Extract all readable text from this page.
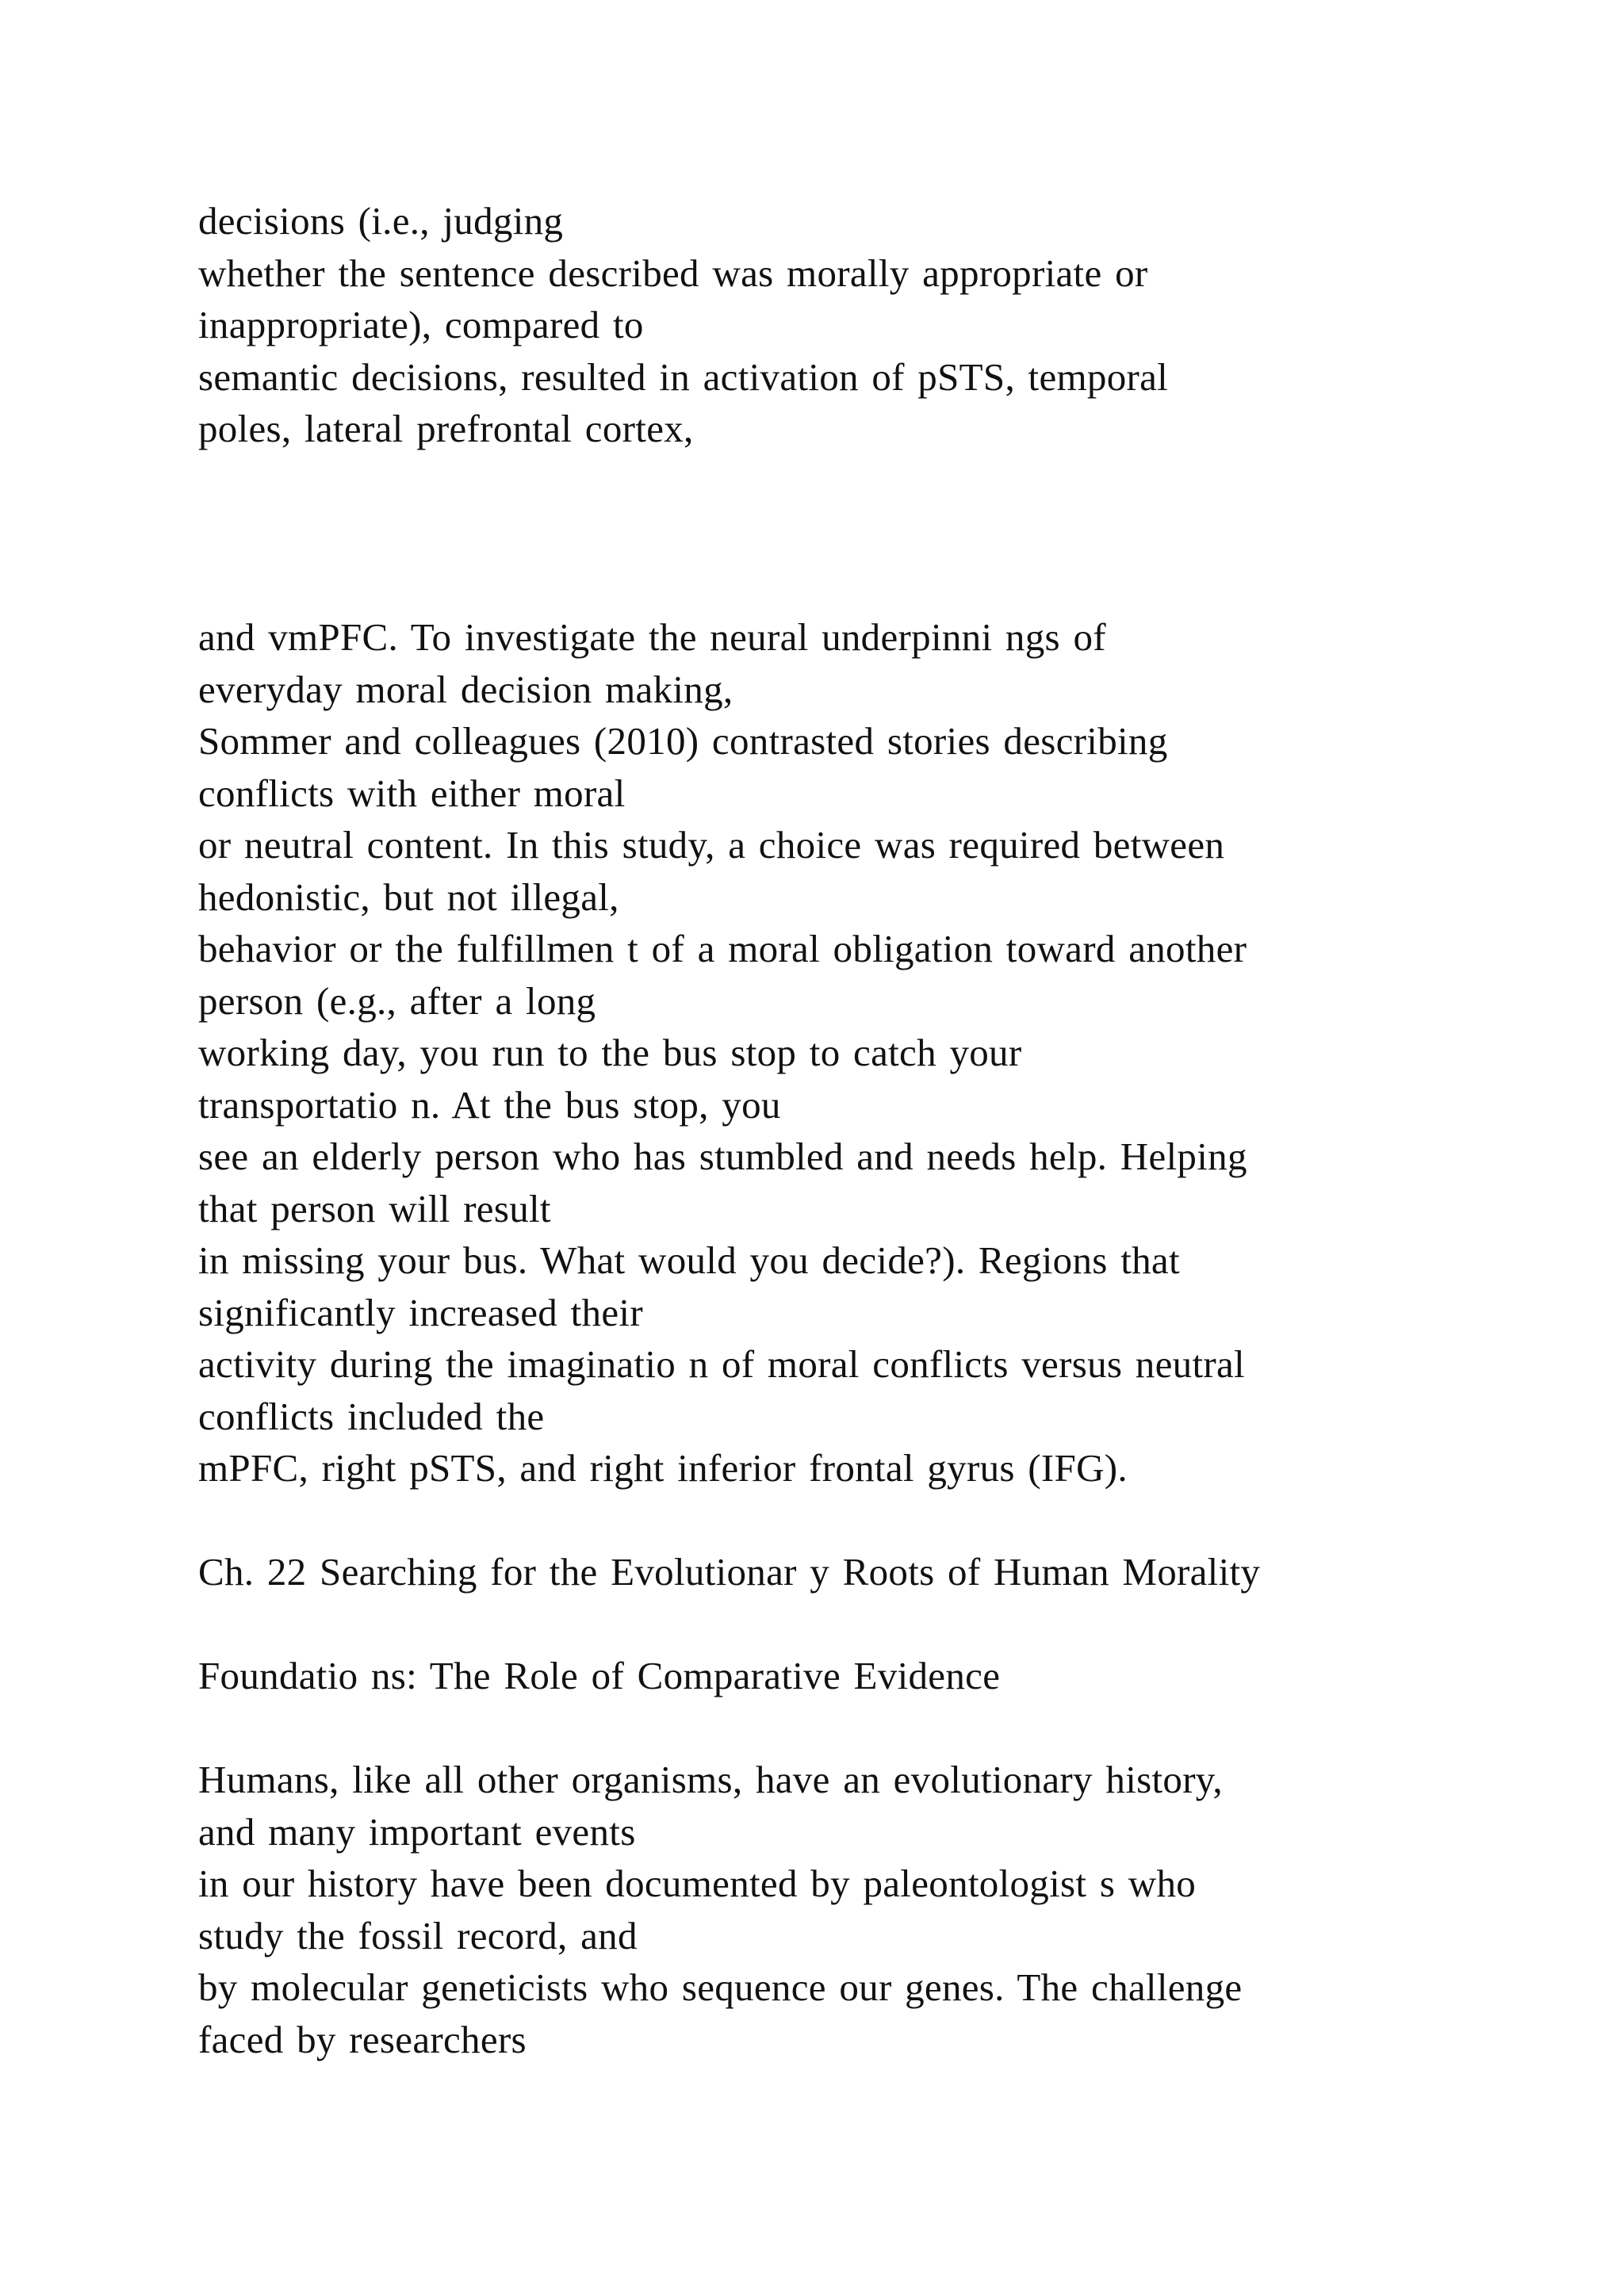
decisions (i.e., judging
whether the sentence described was morally appropriate or
inappropriate), compared to
semantic decisions, resulted in activation of pSTS, temporal
poles, lateral prefrontal cortex,
and vmPFC. To investigate the neural underpinni ngs of
everyday moral decision making,
Sommer and colleagues (2010) contrasted stories describing
conflicts with either moral
or neutral content. In this study, a choice was required between
hedonistic, but not illegal,
behavior or the fulfillmen t of a moral obligation toward another
person (e.g., after a long
working day, you run to the bus stop to catch your
transportatio n. At the bus stop, you
see an elderly person who has stumbled and needs help. Helping
that person will result
in missing your bus. What would you decide?). Regions that
significantly increased their
activity during the imaginatio n of moral conflicts versus neutral
conflicts included the
mPFC, right pSTS, and right inferior frontal gyrus (IFG).
Ch. 22 Searching for the Evolutionar y Roots of Human Morality
Foundatio ns: The Role of Comparative Evidence
Humans, like all other organisms, have an evolutionary history,
and many important events
in our history have been documented by paleontologist s who
study the fossil record, and
by molecular geneticists who sequence our genes. The challenge
faced by researchers
